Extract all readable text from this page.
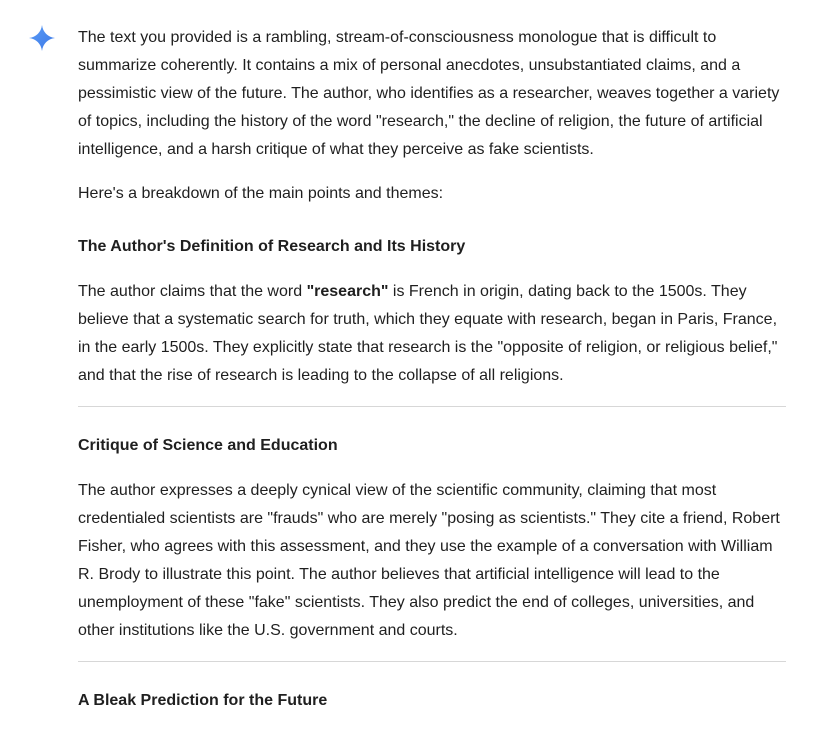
The text you provided is a rambling, stream-of-consciousness monologue that is difficult to summarize coherently. It contains a mix of personal anecdotes, unsubstantiated claims, and a pessimistic view of the future. The author, who identifies as a researcher, weaves together a variety of topics, including the history of the word "research," the decline of religion, the future of artificial intelligence, and a harsh critique of what they perceive as fake scientists.

Here's a breakdown of the main points and themes:

The Author's Definition of Research and Its History

The author claims that the word "research" is French in origin, dating back to the 1500s. They believe that a systematic search for truth, which they equate with research, began in Paris, France, in the early 1500s. They explicitly state that research is the "opposite of religion, or religious belief," and that the rise of research is leading to the collapse of all religions.

Critique of Science and Education

The author expresses a deeply cynical view of the scientific community, claiming that most credentialed scientists are "frauds" who are merely "posing as scientists." They cite a friend, Robert Fisher, who agrees with this assessment, and they use the example of a conversation with William R. Brody to illustrate this point. The author believes that artificial intelligence will lead to the unemployment of these "fake" scientists. They also predict the end of colleges, universities, and other institutions like the U.S. government and courts.

A Bleak Prediction for the Future
